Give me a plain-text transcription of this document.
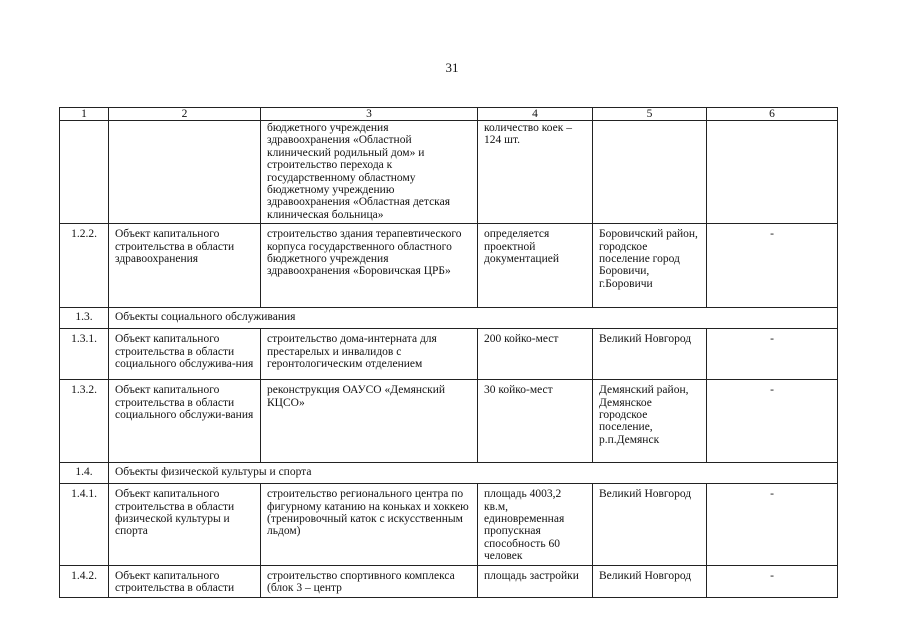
31
1	2	3	4	5	6
		бюджетного учреждения здравоохранения «Областной клинический родильный дом» и строительство перехода к государственному областному бюджетному учреждению здравоохранения «Областная детская клиническая больница»	количество коек – 124 шт.		
1.2.2.	Объект капитального строительства в области здравоохранения	строительство здания терапевтического корпуса государственного областного бюджетного учреждения здравоохранения «Боровичская ЦРБ»	определяется проектной документацией	Боровичский район, городское поселение город Боровичи, г.Боровичи	-
1.3.	Объекты социального обслуживания				
1.3.1.	Объект капитального строительства в области социального обслужива-ния	строительство дома-интерната для престарелых и инвалидов с геронтологическим отделением	200 койко-мест	Великий Новгород	-
1.3.2.	Объект капитального строительства в области социального обслужи-вания	реконструкция ОАУСО «Демянский КЦСО»	30 койко-мест	Демянский район, Демянское городское поселение, р.п.Демянск	-
1.4.	Объекты физической культуры и спорта				
1.4.1.	Объект капитального строительства в области физической культуры и спорта	строительство регионального центра по фигурному катанию на коньках и хоккею (тренировочный каток с искусственным льдом)	площадь 4003,2 кв.м, единовременная пропускная способность 60 человек	Великий Новгород	-
1.4.2.	Объект капитального строительства в области	строительство спортивного комплекса (блок 3 – центр	площадь застройки	Великий Новгород	-
